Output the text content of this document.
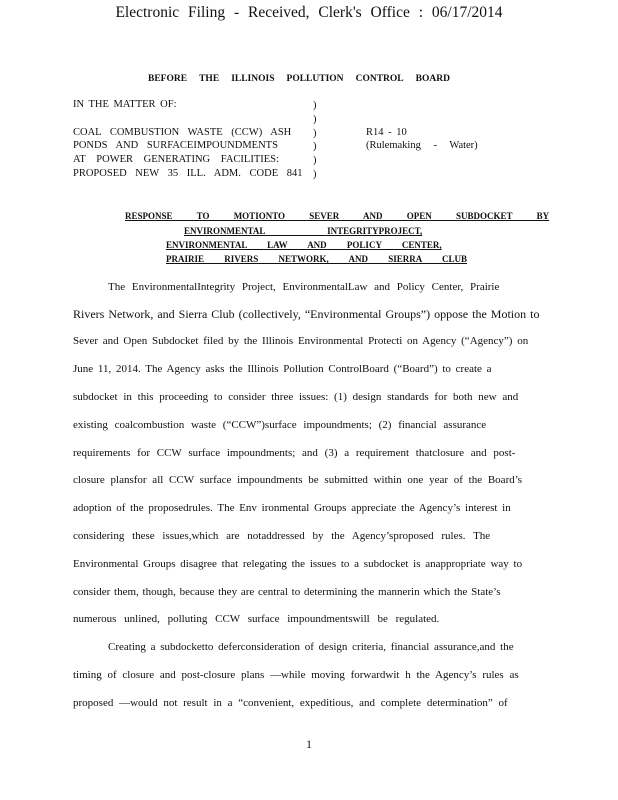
Electronic Filing - Received, Clerk's Office : 06/17/2014
BEFORE THE ILLINOIS POLLUTION CONTROL BOARD
IN THE MATTER OF:
COAL COMBUSTION WASTE (CCW) ASH
PONDS AND SURFACEIMPOUNDMENTS
AT POWER GENERATING FACILITIES:
PROPOSED NEW 35 ILL. ADM. CODE 841
)
)
)
)
)
)
R14 - 10
(Rulemaking - Water)
RESPONSE TO MOTIONTO SEVER AND OPEN SUBDOCKET BY
ENVIRONMENTAL INTEGRITYPROJECT,
ENVIRONMENTAL LAW AND POLICY CENTER,
PRAIRIE RIVERS NETWORK, AND SIERRA CLUB
The EnvironmentalIntegrity Project, EnvironmentalLaw and Policy Center, Prairie
Rivers Network, and Sierra Club (collectively, “Environmental Groups”) oppose the Motion to
Sever and Open Subdocket filed by the Illinois Environmental Protecti on Agency (“Agency”) on
June 11, 2014. The Agency asks the Illinois Pollution ControlBoard (“Board”) to create a
subdocket in this proceeding to consider three issues: (1) design standards for both new and
existing coalcombustion waste (“CCW”)surface impoundments; (2) financial assurance
requirements for CCW surface impoundments; and (3) a requirement thatclosure and post-
closure plansfor all CCW surface impoundments be submitted within one year of the Board’s
adoption of the proposedrules. The Env ironmental Groups appreciate the Agency’s interest in
considering these issues,which are notaddressed by the Agency’sproposed rules. The
Environmental Groups disagree that relegating the issues to a subdocket is anappropriate way to
consider them, though, because they are central to determining the mannerin which the State’s
numerous unlined, polluting CCW surface impoundmentswill be regulated.
Creating a subdocketto deferconsideration of design criteria, financial assurance,and the
timing of closure and post-closure plans —while moving forwardwit h the Agency’s rules as
proposed —would not result in a “convenient, expeditious, and complete determination” of
1
